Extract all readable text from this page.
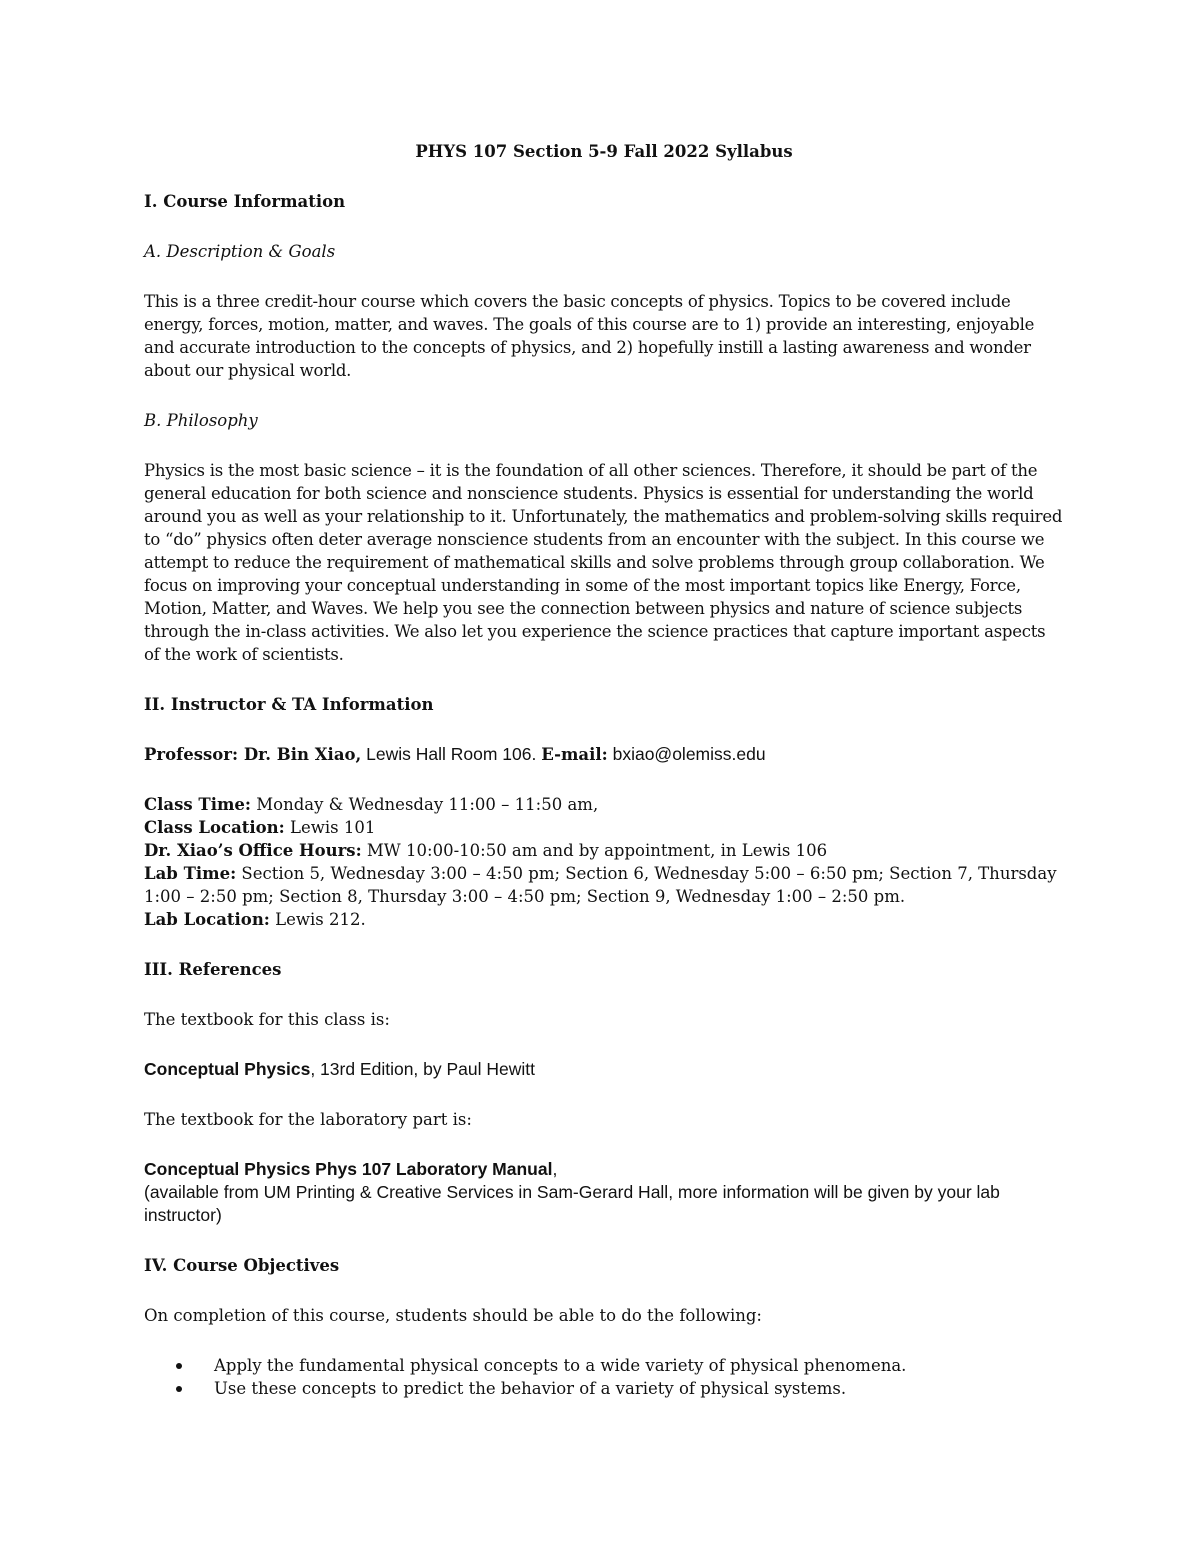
PHYS 107 Section 5-9 Fall 2022 Syllabus
I. Course Information
A. Description & Goals

This is a three credit-hour course which covers the basic concepts of physics. Topics to be covered include energy, forces, motion, matter, and waves. The goals of this course are to 1) provide an interesting, enjoyable and accurate introduction to the concepts of physics, and 2) hopefully instill a lasting awareness and wonder about our physical world.

B. Philosophy

Physics is the most basic science – it is the foundation of all other sciences. Therefore, it should be part of the general education for both science and nonscience students. Physics is essential for understanding the world around you as well as your relationship to it. Unfortunately, the mathematics and problem-solving skills required to “do” physics often deter average nonscience students from an encounter with the subject. In this course we attempt to reduce the requirement of mathematical skills and solve problems through group collaboration. We focus on improving your conceptual understanding in some of the most important topics like Energy, Force, Motion, Matter, and Waves. We help you see the connection between physics and nature of science subjects through the in-class activities. We also let you experience the science practices that capture important aspects of the work of scientists.

II. Instructor & TA Information

Professor: Dr. Bin Xiao, Lewis Hall Room 106. E-mail: bxiao@olemiss.edu

Class Time: Monday & Wednesday 11:00 – 11:50 am,
Class Location: Lewis 101
Dr. Xiao’s Office Hours: MW 10:00-10:50 am and by appointment, in Lewis 106
Lab Time: Section 5, Wednesday 3:00 – 4:50 pm; Section 6, Wednesday 5:00 – 6:50 pm; Section 7, Thursday 1:00 – 2:50 pm; Section 8, Thursday 3:00 – 4:50 pm; Section 9, Wednesday 1:00 – 2:50 pm.
Lab Location: Lewis 212.
III. References

The textbook for this class is:

Conceptual Physics, 13rd Edition, by Paul Hewitt

The textbook for the laboratory part is:

Conceptual Physics Phys 107 Laboratory Manual,
(available from UM Printing & Creative Services in Sam-Gerard Hall, more information will be given by your lab instructor)

IV. Course Objectives

On completion of this course, students should be able to do the following:

Apply the fundamental physical concepts to a wide variety of physical phenomena.
Use these concepts to predict the behavior of a variety of physical systems.
